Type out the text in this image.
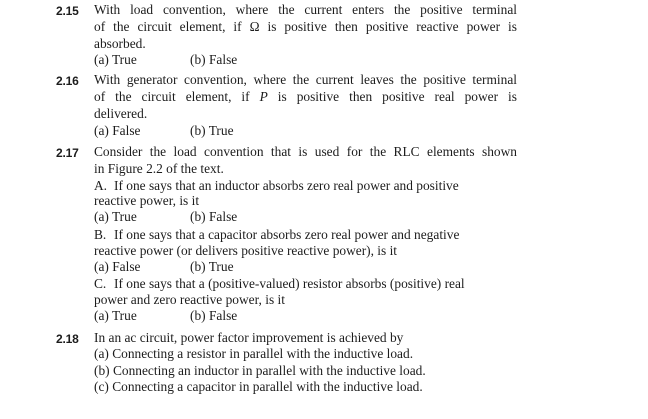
2.15 With load convention, where the current enters the positive terminal
of the circuit element, if Ω is positive then positive reactive power is
absorbed.
(a) True	(b) False
2.16 With generator convention, where the current leaves the positive terminal
of the circuit element, if P is positive then positive real power is
delivered.
(a) False	(b) True
2.17 Consider the load convention that is used for the RLC elements shown
in Figure 2.2 of the text.
A. If one says that an inductor absorbs zero real power and positive
reactive power, is it
(a) True	(b) False
B. If one says that a capacitor absorbs zero real power and negative
reactive power (or delivers positive reactive power), is it
(a) False	(b) True
C. If one says that a (positive-valued) resistor absorbs (positive) real
power and zero reactive power, is it
(a) True	(b) False
2.18 In an ac circuit, power factor improvement is achieved by
(a) Connecting a resistor in parallel with the inductive load.
(b) Connecting an inductor in parallel with the inductive load.
(c) Connecting a capacitor in parallel with the inductive load.
